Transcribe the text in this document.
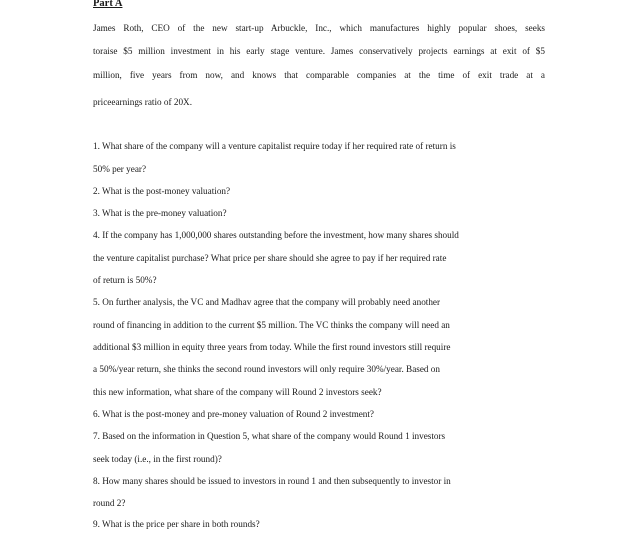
Part A
James Roth, CEO of the new start-up Arbuckle, Inc., which manufactures highly popular shoes, seeks
toraise $5 million investment in his early stage venture. James conservatively projects earnings at exit of $5
million, five years from now, and knows that comparable companies at the time of exit trade at a
priceearnings ratio of 20X.
1. What share of the company will a venture capitalist require today if her required rate of return is
50% per year?
2. What is the post-money valuation?
3. What is the pre-money valuation?
4. If the company has 1,000,000 shares outstanding before the investment, how many shares should
the venture capitalist purchase? What price per share should she agree to pay if her required rate
of return is 50%?
5. On further analysis, the VC and Madhav agree that the company will probably need another
round of financing in addition to the current $5 million. The VC thinks the company will need an
additional $3 million in equity three years from today. While the first round investors still require
a 50%/year return, she thinks the second round investors will only require 30%/year. Based on
this new information, what share of the company will Round 2 investors seek?
6. What is the post-money and pre-money valuation of Round 2 investment?
7. Based on the information in Question 5, what share of the company would Round 1 investors
seek today (i.e., in the first round)?
8. How many shares should be issued to investors in round 1 and then subsequently to investor in
round 2?
9. What is the price per share in both rounds?
